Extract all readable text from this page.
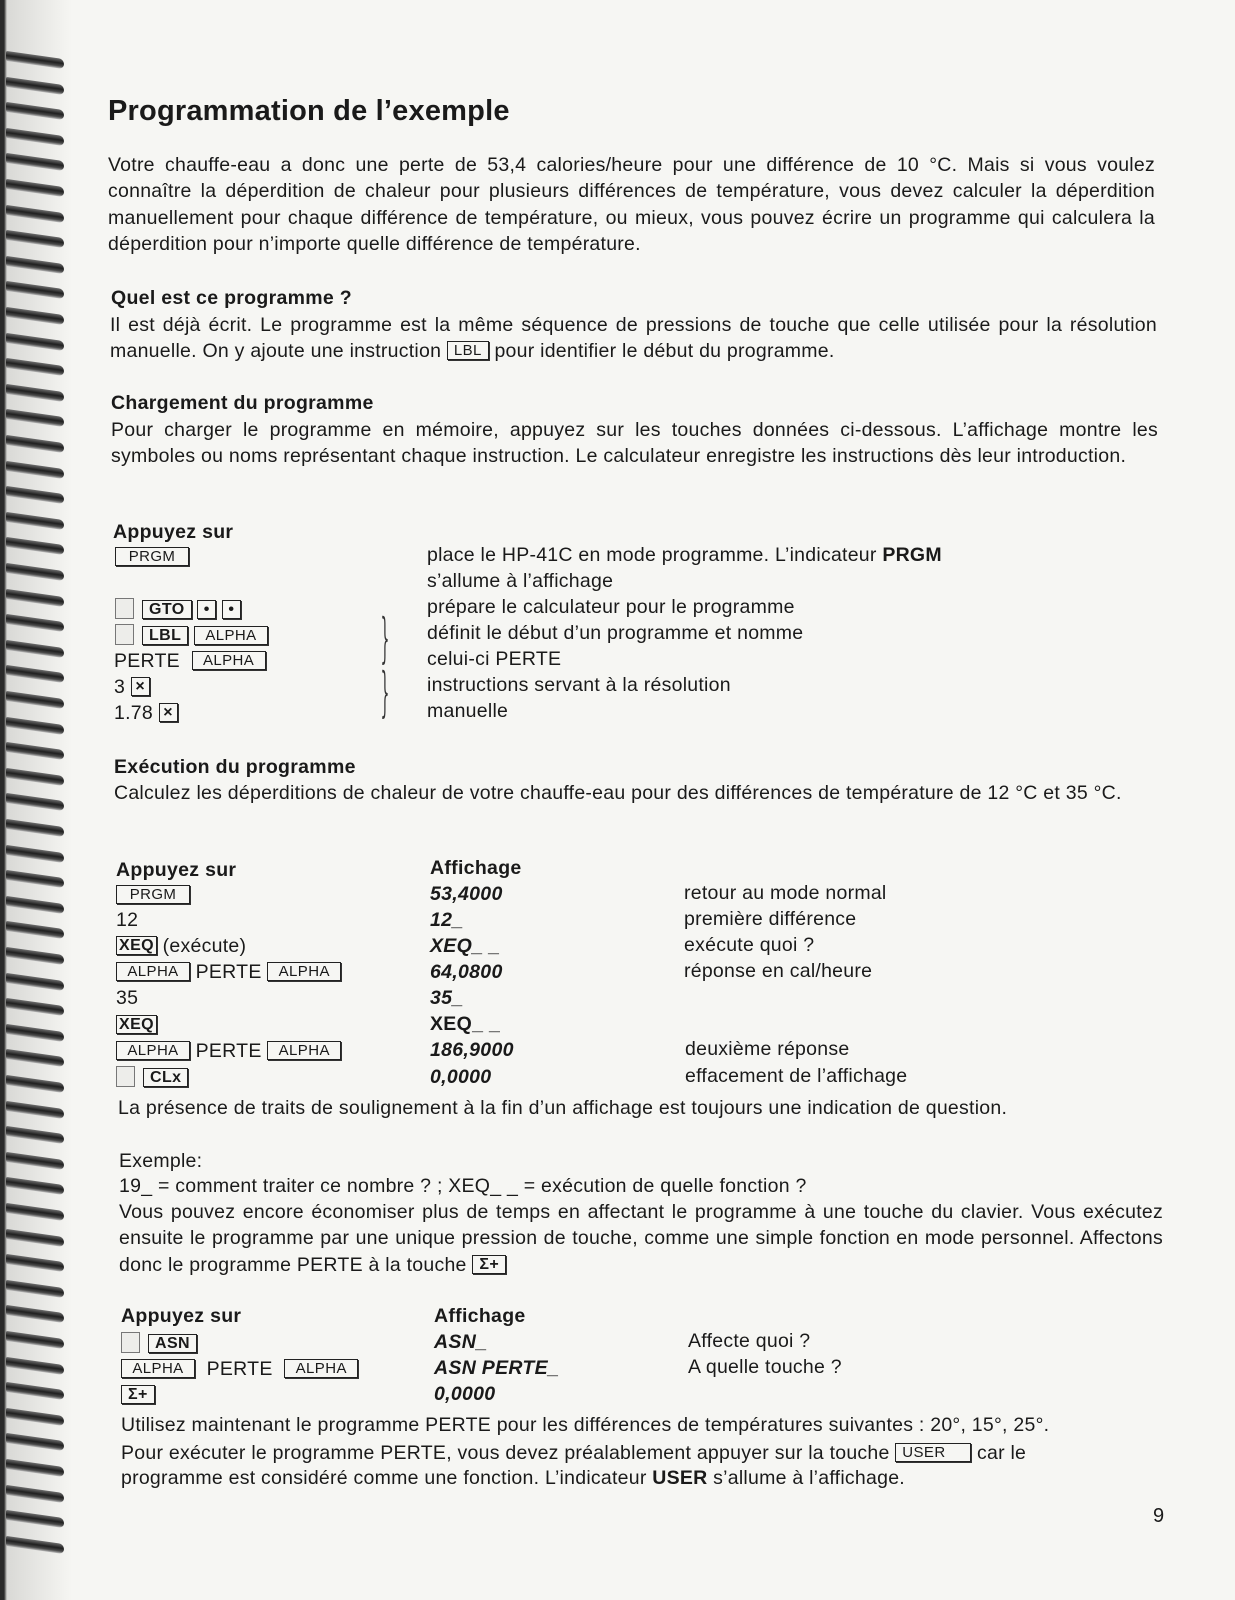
Programmation de l’exemple
Votre chauffe-eau a donc une perte de 53,4 calories/heure pour une différence de 10 °C. Mais si vous voulez connaître la déperdition de chaleur pour plusieurs différences de température, vous devez calculer la déperdition manuellement pour chaque différence de température, ou mieux, vous pouvez écrire un programme qui calculera la déperdition pour n’importe quelle différence de température.
Quel est ce programme ?
Il est déjà écrit. Le programme est la même séquence de pressions de touche que celle utilisée pour la résolution manuelle. On y ajoute une instruction LBL pour identifier le début du programme.
Chargement du programme
Pour charger le programme en mémoire, appuyez sur les touches données ci-dessous. L’affichage montre les symboles ou noms représentant chaque instruction. Le calculateur enregistre les instructions dès leur introduction.
Appuyez sur
PRGM	place le HP-41C en mode programme. L’indicateur PRGM
s’allume à l’affichage
GTO • •	prépare le calculateur pour le programme
LBL ALPHA	définit le début d’un programme et nomme
PERTE ALPHA	celui-ci PERTE
3 ×	instructions servant à la résolution
1.78 ×	manuelle
}
}
Exécution du programme
Calculez les déperditions de chaleur de votre chauffe-eau pour des différences de température de 12 °C et 35 °C.
Appuyez sur	Affichage
PRGM	53,4000	retour au mode normal
12	12_	première différence
XEQ (exécute)	XEQ_ _	exécute quoi ?
ALPHA PERTE ALPHA	64,0800	réponse en cal/heure
35	35_
XEQ	XEQ_ _
ALPHA PERTE ALPHA	186,9000	deuxième réponse
CLx	0,0000	effacement de l’affichage
La présence de traits de soulignement à la fin d’un affichage est toujours une indication de question.
Exemple:
19_ = comment traiter ce nombre ? ; XEQ_ _ = exécution de quelle fonction ?
Vous pouvez encore économiser plus de temps en affectant le programme à une touche du clavier. Vous exécutez ensuite le programme par une unique pression de touche, comme une simple fonction en mode personnel. Affectons donc le programme PERTE à la touche Σ+
Appuyez sur	Affichage
ASN	ASN_	Affecte quoi ?
ALPHA PERTE ALPHA	ASN PERTE_	A quelle touche ?
Σ+	0,0000
Utilisez maintenant le programme PERTE pour les différences de températures suivantes : 20°, 15°, 25°.
Pour exécuter le programme PERTE, vous devez préalablement appuyer sur la touche USER car le
programme est considéré comme une fonction. L’indicateur USER s’allume à l’affichage.
9
